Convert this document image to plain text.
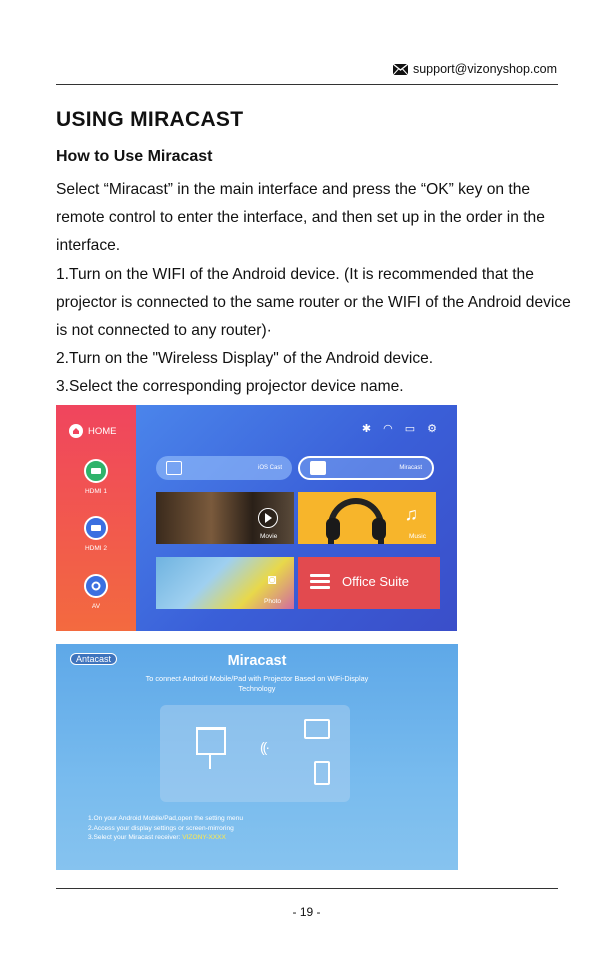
support@vizonyshop.com
USING MIRACAST
How to Use Miracast

Select “Miracast” in the main interface and press the “OK” key on the remote control to enter the interface, and then set up in the order in the interface.

1.Turn on the WIFI of the Android device. (It is recommended that the projector is connected to the same router or the WIFI of the Android device is not connected to any router)·

2.Turn on the "Wireless Display" of the Android device.

3.Select the corresponding projector device name.

HOME
HDMI 1
HDMI 2
AV
✱ ◠ ▭ ⚙
iOS Cast	Miracast
Movie
♫
Music
◙
Photo
Office Suite
Antacast	Miracast
To connect Android Mobile/Pad with Projector Based on WiFi-Display
Technology
((·
1.On your Android Mobile/Pad,open the setting menu
2.Access your display settings or screen-mirroring
3.Select your Miracast receiver: VIZONY-XXXX
- 19 -
